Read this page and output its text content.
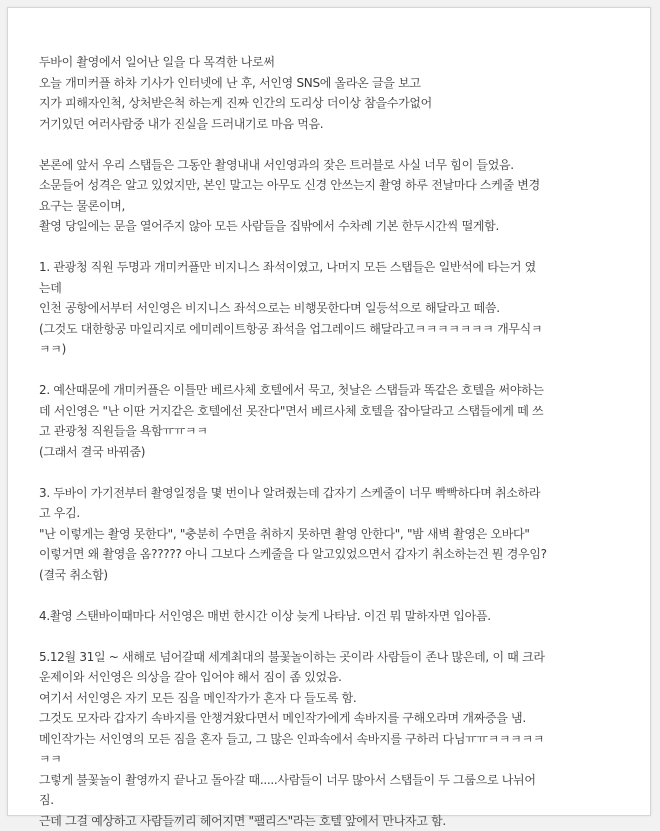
두바이 촬영에서 일어난 일을 다 목격한 나로써
오늘 개미커플 하차 기사가 인터넷에 난 후, 서인영 SNS에 올라온 글을 보고
지가 피해자인척, 상처받은척 하는게 진짜 인간의 도리상 더이상 참을수가없어
거기있던 여러사람중 내가 진실을 드러내기로 마음 먹음.
본론에 앞서 우리 스탭들은 그동안 촬영내내 서인영과의 잦은 트러블로 사실 너무 힘이 들었음.
소문들어 성격은 알고 있었지만, 본인 말고는 아무도 신경 안쓰는지 촬영 하루 전날마다 스케줄 변경
요구는 물론이며,
촬영 당일에는 문을 열어주지 않아 모든 사람들을 집밖에서 수차례 기본 한두시간씩 떨게함.
1. 관광청 직원 두명과 개미커플만 비지니스 좌석이였고, 나머지 모든 스탭들은 일반석에 타는거 였
는데
인천 공항에서부터 서인영은 비지니스 좌석으로는 비행못한다며 일등석으로 해달라고 떼씀.
(그것도 대한항공 마일리지로 에미레이트항공 좌석을 업그레이드 해달라고ㅋㅋㅋㅋㅋㅋㅋ 개무식ㅋ
ㅋㅋ)
2. 예산때문에 개미커플은 이틀만 베르사체 호텔에서 묵고, 첫날은 스탭들과 똑같은 호텔을 써야하는
데 서인영은 "난 이딴 거지같은 호텔에선 못잔다"면서 베르사체 호텔을 잡아달라고 스탭들에게 떼 쓰
고 관광청 직원들을 욕함ㅠㅠㅋㅋ
(그래서 결국 바꿔줌)
3. 두바이 가기전부터 촬영일정을 몇 번이나 알려줬는데 갑자기 스케줄이 너무 빡빡하다며 취소하라
고 우김.
"난 이렇게는 촬영 못한다", "충분히 수면을 취하지 못하면 촬영 안한다", "밤 새벽 촬영은 오바다"
이렇거면 왜 촬영을 옴????? 아니 그보다 스케줄을 다 알고있었으면서 갑자기 취소하는건 뭔 경우임?
(결국 취소함)
4.촬영 스탠바이때마다 서인영은 매번 한시간 이상 늦게 나타남. 이건 뭐 말하자면 입아픔.
5.12월 31일 ~ 새해로 넘어갈때 세계최대의 불꽃놀이하는 곳이라 사람들이 존나 많은데, 이 때 크라
운제이와 서인영은 의상을 갈아 입어야 해서 짐이 좀 있었음.
여기서 서인영은 자기 모든 짐을 메인작가가 혼자 다 들도록 함.
그것도 모자라 갑자기 속바지를 안챙겨왔다면서 메인작가에게 속바지를 구해오라며 개짜증을 냄.
메인작가는 서인영의 모든 짐을 혼자 들고, 그 많은 인파속에서 속바지를 구하러 다님ㅠㅠㅋㅋㅋㅋㅋ
ㅋㅋ
그렇게 불꽃놀이 촬영까지 끝나고 돌아갈 때.....사람들이 너무 많아서 스탭들이 두 그룹으로 나뉘어
짐.
근데 그걸 예상하고 사람들끼리 헤어지면 "팰리스"라는 호텔 앞에서 만나자고 함.
